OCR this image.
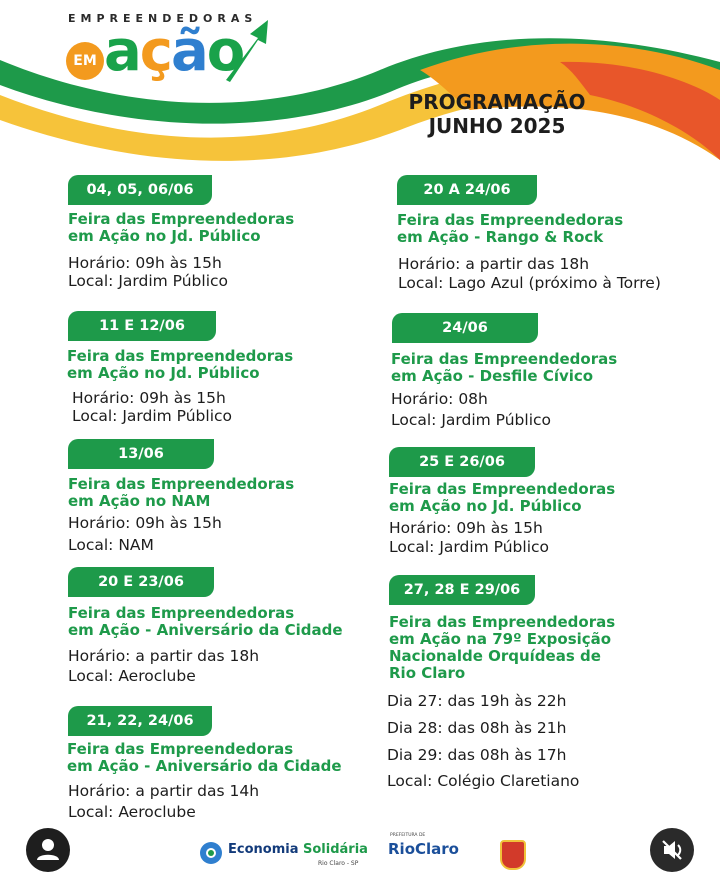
EMPREENDEDORAS
EM ação
PROGRAMAÇÃO
JUNHO 2025
04, 05, 06/06
Feira das Empreendedoras
em Ação no Jd. Público
Horário: 09h às 15h
Local: Jardim Público
11 E 12/06
Feira das Empreendedoras
em Ação no Jd. Público
Horário: 09h às 15h
Local: Jardim Público
13/06
Feira das Empreendedoras
em Ação no NAM
Horário: 09h às 15h
Local: NAM
20 E 23/06
Feira das Empreendedoras
em Ação - Aniversário da Cidade
Horário: a partir das 18h
Local: Aeroclube
21, 22, 24/06
Feira das Empreendedoras
em Ação - Aniversário da Cidade
Horário: a partir das 14h
Local: Aeroclube
20 A 24/06
Feira das Empreendedoras
em Ação - Rango & Rock
Horário: a partir das 18h
Local: Lago Azul (próximo à Torre)
24/06
Feira das Empreendedoras
em Ação - Desfile Cívico
Horário: 08h
Local: Jardim Público
25 E 26/06
Feira das Empreendedoras
em Ação no Jd. Público
Horário: 09h às 15h
Local: Jardim Público
27, 28 E 29/06
Feira das Empreendedoras
em Ação na 79º Exposição
Nacionalde Orquídeas de
Rio Claro
Dia 27: das 19h às 22h
Dia 28: das 08h às 21h
Dia 29: das 08h às 17h
Local: Colégio Claretiano
Economia Solidária
Rio Claro - SP
PREFEITURA DE
RioClaro
